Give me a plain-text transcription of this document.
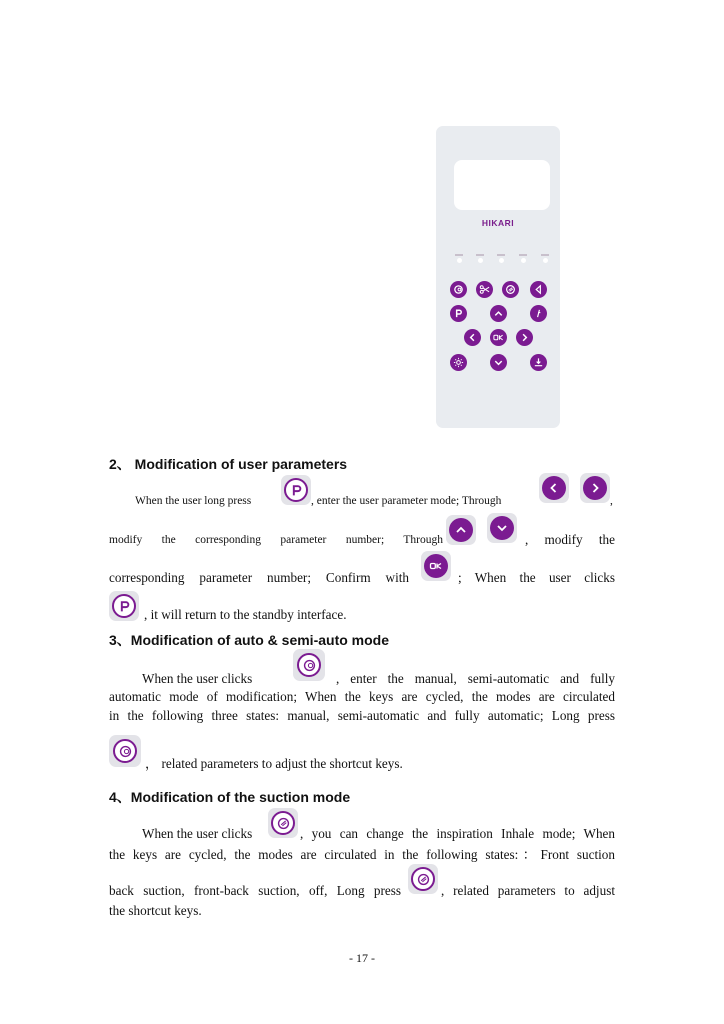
HIKARI
2、 Modification of user parameters
When the user long press	, enter the user parameter mode; Through	,
modify the corresponding parameter number; Through	, modify the
corresponding parameter number; Confirm with	; When the user clicks
, it will return to the standby interface.
3、Modification of auto & semi-auto mode
When the user clicks	, enter the manual, semi-automatic and fully
automatic mode of modification; When the keys are cycled, the modes are circulated
in the following three states: manual, semi-automatic and fully automatic; Long press
， related parameters to adjust the shortcut keys.
4、Modification of the suction mode
When the user clicks	, you can change the inspiration Inhale mode; When
the keys are cycled, the modes are circulated in the following states:：Front suction
back suction, front-back suction, off, Long press	, related parameters to adjust
the shortcut keys.
- 17 -
